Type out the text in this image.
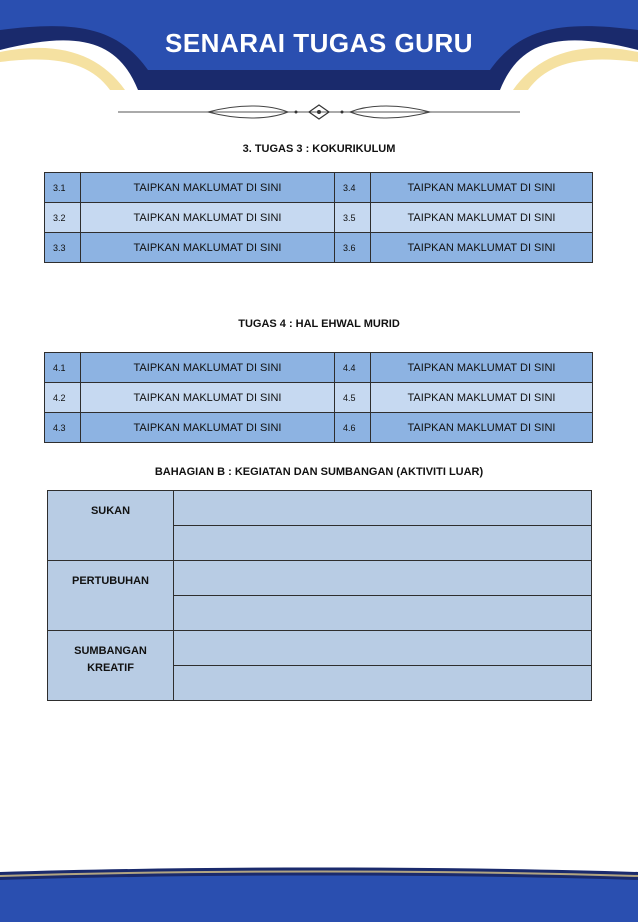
SENARAI TUGAS GURU
3. TUGAS 3 : KOKURIKULUM
3.1	TAIPKAN MAKLUMAT DI SINI	3.4	TAIPKAN MAKLUMAT DI SINI
3.2	TAIPKAN MAKLUMAT DI SINI	3.5	TAIPKAN MAKLUMAT DI SINI
3.3	TAIPKAN MAKLUMAT DI SINI	3.6	TAIPKAN MAKLUMAT DI SINI
TUGAS 4 : HAL EHWAL MURID
4.1	TAIPKAN MAKLUMAT DI SINI	4.4	TAIPKAN MAKLUMAT DI SINI
4.2	TAIPKAN MAKLUMAT DI SINI	4.5	TAIPKAN MAKLUMAT DI SINI
4.3	TAIPKAN MAKLUMAT DI SINI	4.6	TAIPKAN MAKLUMAT DI SINI
BAHAGIAN B : KEGIATAN DAN SUMBANGAN (AKTIVITI LUAR)
SUKAN	

PERTUBUHAN	

SUMBANGAN KREATIF	
